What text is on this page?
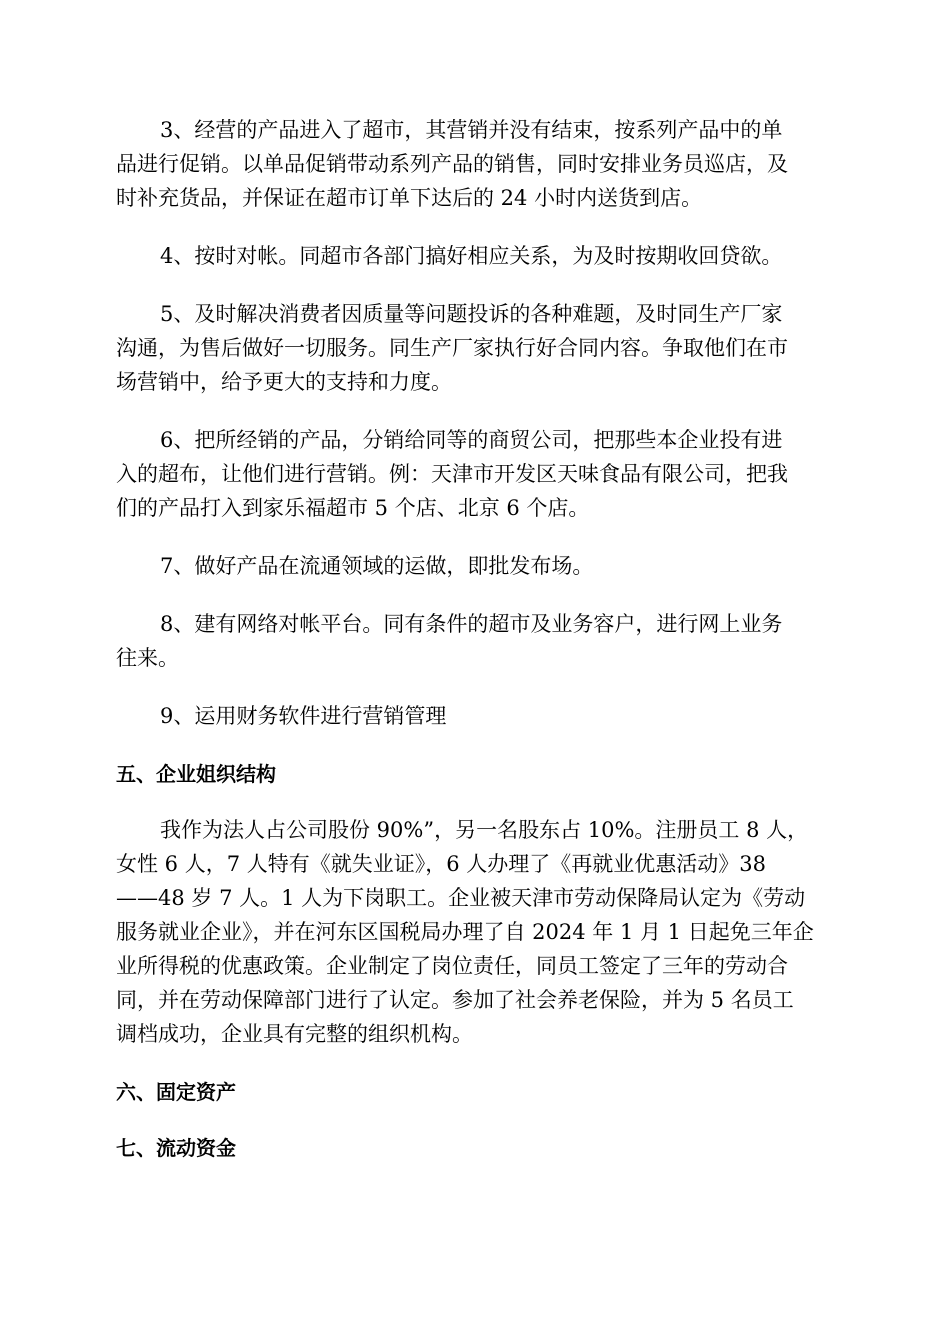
3、经营的产品进入了超市，其营销并没有结束，按系列产品中的单
品进行促销。以单品促销带动系列产品的销售，同时安排业务员巡店，及
时补充货品，并保证在超市订单下达后的 24 小时内送货到店。
4、按时对帐。同超市各部门搞好相应关系，为及时按期收回贷欲。
5、及时解决消费者因质量等问题投诉的各种难题，及时同生产厂家
沟通，为售后做好一切服务。同生产厂家执行好合同内容。争取他们在市
场营销中，给予更大的支持和力度。
6、把所经销的产品，分销给同等的商贸公司，把那些本企业投有进
入的超布，让他们进行营销。例：天津市开发区天味食品有限公司，把我
们的产品打入到家乐福超市 5 个店、北京 6 个店。
7、做好产品在流通领域的运做，即批发布场。
8、建有网络对帐平台。同有条件的超市及业务容户，进行网上业务
往来。
9、运用财务软件进行营销管理
五、企业姐织结构
我作为法人占公司股份 90%”，另一名股东占 10%。注册员工 8 人，
女性 6 人，7 人特有《就失业证》，6 人办理了《再就业优惠活动》38
——48 岁 7 人。1 人为下岗职工。企业被天津市劳动保降局认定为《劳动
服务就业企业》，并在河东区国税局办理了自 2024 年 1 月 1 日起免三年企
业所得税的优惠政策。企业制定了岗位责任，同员工签定了三年的劳动合
同，并在劳动保障部门进行了认定。参加了社会养老保险，并为 5 名员工
调档成功，企业具有完整的组织机构。
六、固定资产
七、流动资金
